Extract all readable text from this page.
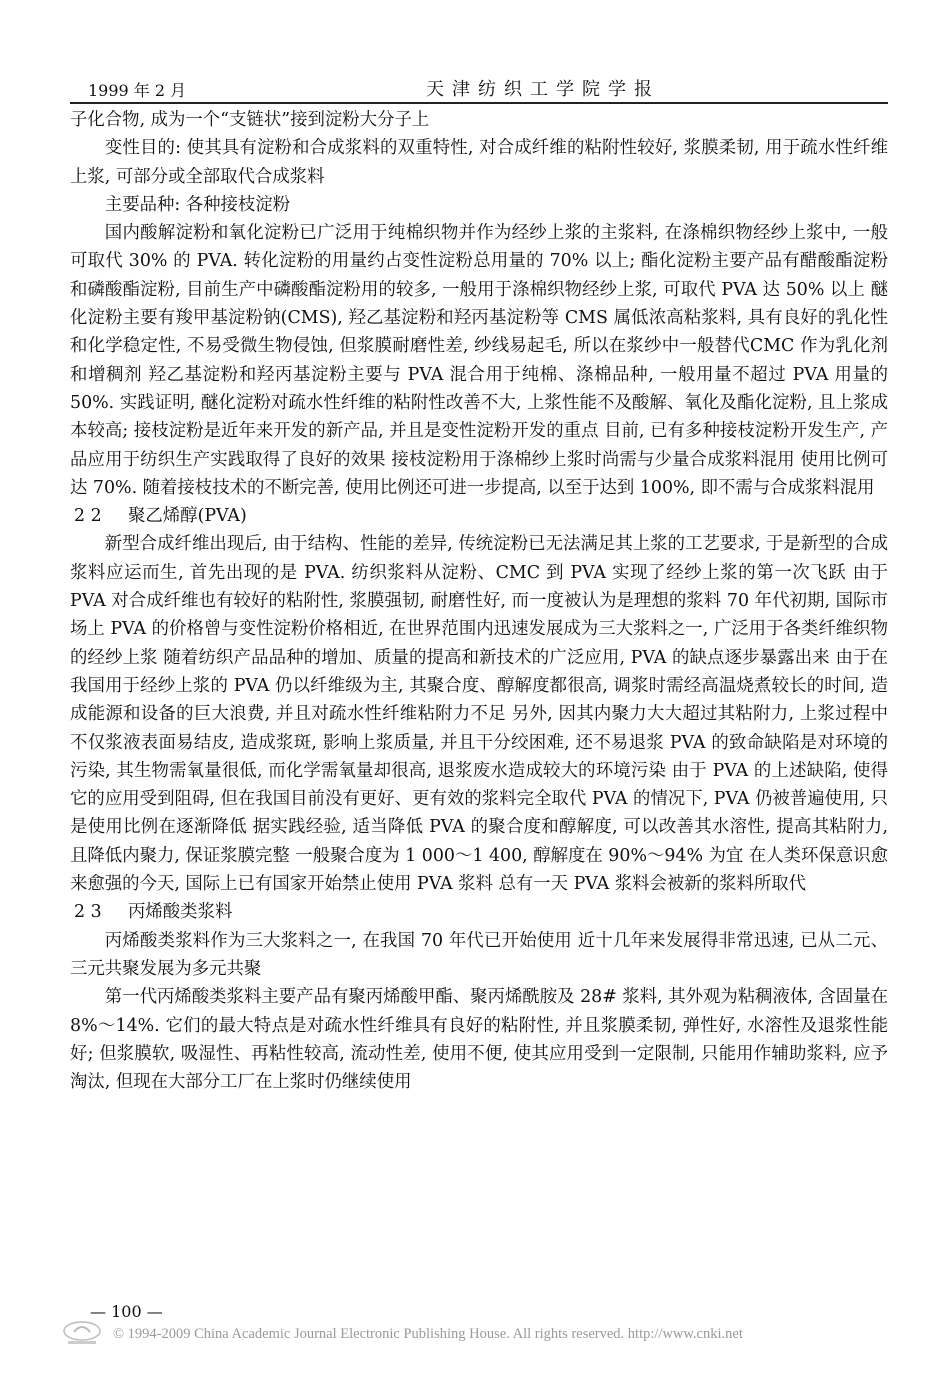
1999 年 2 月	天津纺织工学院学报

子化合物, 成为一个“支链状”接到淀粉大分子上

变性目的: 使其具有淀粉和合成浆料的双重特性, 对合成纤维的粘附性较好, 浆膜柔韧, 用于疏水性纤维上浆, 可部分或全部取代合成浆料

主要品种: 各种接枝淀粉

国内酸解淀粉和氧化淀粉已广泛用于纯棉织物并作为经纱上浆的主浆料, 在涤棉织物经纱上浆中, 一般可取代 30% 的 PVA. 转化淀粉的用量约占变性淀粉总用量的 70% 以上; 酯化淀粉主要产品有醋酸酯淀粉和磷酸酯淀粉, 目前生产中磷酸酯淀粉用的较多, 一般用于涤棉织物经纱上浆, 可取代 PVA 达 50% 以上 醚化淀粉主要有羧甲基淀粉钠(CMS), 羟乙基淀粉和羟丙基淀粉等 CMS 属低浓高粘浆料, 具有良好的乳化性和化学稳定性, 不易受微生物侵蚀, 但浆膜耐磨性差, 纱线易起毛, 所以在浆纱中一般替代CMC 作为乳化剂和增稠剂 羟乙基淀粉和羟丙基淀粉主要与 PVA 混合用于纯棉、涤棉品种, 一般用量不超过 PVA 用量的 50%. 实践证明, 醚化淀粉对疏水性纤维的粘附性改善不大, 上浆性能不及酸解、氧化及酯化淀粉, 且上浆成本较高; 接枝淀粉是近年来开发的新产品, 并且是变性淀粉开发的重点 目前, 已有多种接枝淀粉开发生产, 产品应用于纺织生产实践取得了良好的效果 接枝淀粉用于涤棉纱上浆时尚需与少量合成浆料混用 使用比例可达 70%. 随着接枝技术的不断完善, 使用比例还可进一步提高, 以至于达到 100%, 即不需与合成浆料混用

2 2 聚乙烯醇(PVA)

新型合成纤维出现后, 由于结构、性能的差异, 传统淀粉已无法满足其上浆的工艺要求, 于是新型的合成浆料应运而生, 首先出现的是 PVA. 纺织浆料从淀粉、CMC 到 PVA 实现了经纱上浆的第一次飞跃 由于 PVA 对合成纤维也有较好的粘附性, 浆膜强韧, 耐磨性好, 而一度被认为是理想的浆料 70 年代初期, 国际市场上 PVA 的价格曾与变性淀粉价格相近, 在世界范围内迅速发展成为三大浆料之一, 广泛用于各类纤维织物的经纱上浆 随着纺织产品品种的增加、质量的提高和新技术的广泛应用, PVA 的缺点逐步暴露出来 由于在我国用于经纱上浆的 PVA 仍以纤维级为主, 其聚合度、醇解度都很高, 调浆时需经高温烧煮较长的时间, 造成能源和设备的巨大浪费, 并且对疏水性纤维粘附力不足 另外, 因其内聚力大大超过其粘附力, 上浆过程中不仅浆液表面易结皮, 造成浆斑, 影响上浆质量, 并且干分绞困难, 还不易退浆 PVA 的致命缺陷是对环境的污染, 其生物需氧量很低, 而化学需氧量却很高, 退浆废水造成较大的环境污染 由于 PVA 的上述缺陷, 使得它的应用受到阻碍, 但在我国目前没有更好、更有效的浆料完全取代 PVA 的情况下, PVA 仍被普遍使用, 只是使用比例在逐渐降低 据实践经验, 适当降低 PVA 的聚合度和醇解度, 可以改善其水溶性, 提高其粘附力, 且降低内聚力, 保证浆膜完整 一般聚合度为 1 000～1 400, 醇解度在 90%～94% 为宜 在人类环保意识愈来愈强的今天, 国际上已有国家开始禁止使用 PVA 浆料 总有一天 PVA 浆料会被新的浆料所取代

2 3 丙烯酸类浆料

丙烯酸类浆料作为三大浆料之一, 在我国 70 年代已开始使用 近十几年来发展得非常迅速, 已从二元、三元共聚发展为多元共聚

第一代丙烯酸类浆料主要产品有聚丙烯酸甲酯、聚丙烯酰胺及 28# 浆料, 其外观为粘稠液体, 含固量在 8%～14%. 它们的最大特点是对疏水性纤维具有良好的粘附性, 并且浆膜柔韧, 弹性好, 水溶性及退浆性能好; 但浆膜软, 吸湿性、再粘性较高, 流动性差, 使用不便, 使其应用受到一定限制, 只能用作辅助浆料, 应予淘汰, 但现在大部分工厂在上浆时仍继续使用

— 100 —
© 1994-2009 China Academic Journal Electronic Publishing House. All rights reserved. http://www.cnki.net
